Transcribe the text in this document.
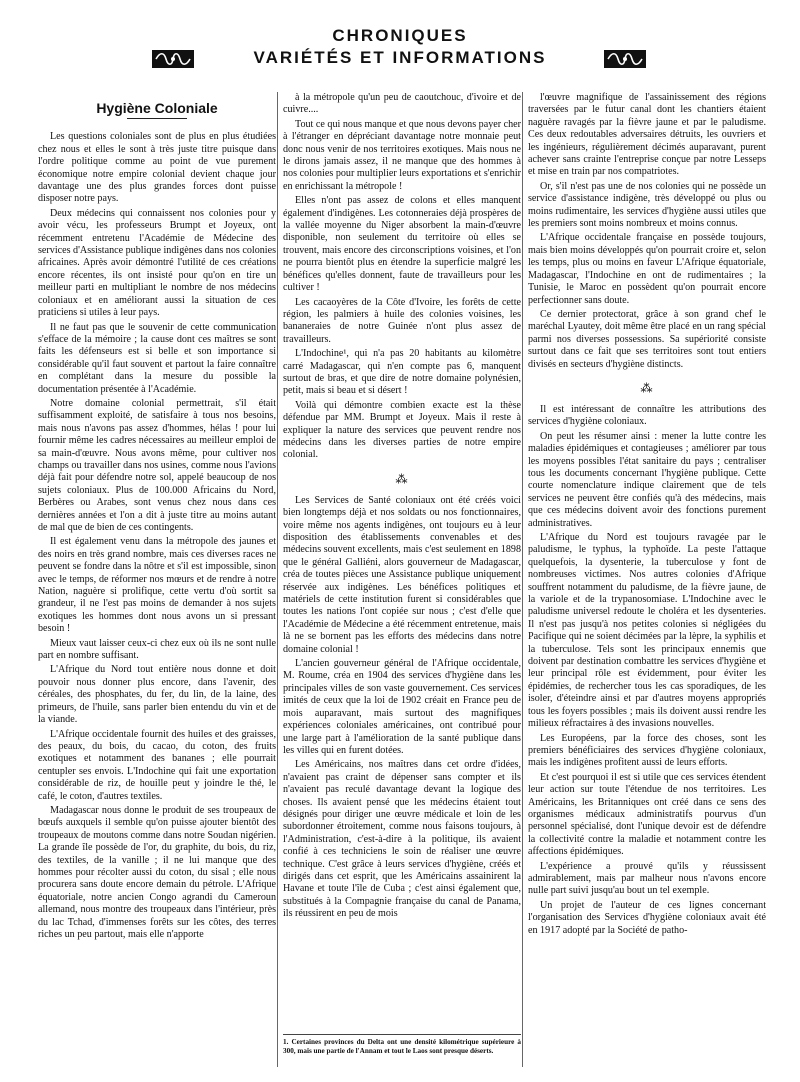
CHRONIQUES
VARIÉTÉS ET INFORMATIONS
Hygiène Coloniale

Les questions coloniales sont de plus en plus étudiées chez nous et elles le sont à très juste titre puisque dans l'ordre politique comme au point de vue purement économique notre empire colonial devient chaque jour davantage une des plus grandes forces dont puisse disposer notre pays.

Deux médecins qui connaissent nos colonies pour y avoir vécu, les professeurs Brumpt et Joyeux, ont récemment entretenu l'Académie de Médecine des services d'Assistance publique indigènes dans nos colonies africaines. Après avoir démontré l'utilité de ces créations encore récentes, ils ont insisté pour qu'on en tire un meilleur parti en multipliant le nombre de nos médecins coloniaux et en améliorant aussi la situation de ces praticiens si utiles à leur pays.

Il ne faut pas que le souvenir de cette communication s'efface de la mémoire ; la cause dont ces maîtres se sont faits les défenseurs est si belle et son importance si considérable qu'il faut souvent et partout la faire connaître en complétant dans la mesure du possible la documentation présentée à l'Académie.

Notre domaine colonial permettrait, s'il était suffisamment exploité, de satisfaire à tous nos besoins, mais nous n'avons pas assez d'hommes, hélas ! pour lui fournir même les cadres nécessaires au meilleur emploi de sa main-d'œuvre. Nous avons même, pour cultiver nos champs ou travailler dans nos usines, comme nous l'avions déjà fait pour défendre notre sol, appelé beaucoup de nos sujets coloniaux. Plus de 100.000 Africains du Nord, Berbères ou Arabes, sont venus chez nous dans ces dernières années et l'on a dit à juste titre au moins autant de mal que de bien de ces contingents.

Il est également venu dans la métropole des jaunes et des noirs en très grand nombre, mais ces diverses races ne peuvent se fondre dans la nôtre et s'il est impossible, sinon avec le temps, de réformer nos mœurs et de rendre à notre Nation, naguère si prolifique, cette vertu d'où sortit sa grandeur, il ne l'est pas moins de demander à nos sujets exotiques les hommes dont nous avons un si pressant besoin !

Mieux vaut laisser ceux-ci chez eux où ils ne sont nulle part en nombre suffisant.

L'Afrique du Nord tout entière nous donne et doit pouvoir nous donner plus encore, dans l'avenir, des céréales, des phosphates, du fer, du lin, de la laine, des primeurs, de l'huile, sans parler bien entendu du vin et de la viande.

L'Afrique occidentale fournit des huiles et des graisses, des peaux, du bois, du cacao, du coton, des fruits exotiques et notamment des bananes ; elle pourrait centupler ses envois. L'Indochine qui fait une exportation considérable de riz, de houille peut y joindre le thé, le café, le coton, d'autres textiles.

Madagascar nous donne le produit de ses troupeaux de bœufs auxquels il semble qu'on puisse ajouter bientôt des troupeaux de moutons comme dans notre Soudan nigérien. La grande île possède de l'or, du graphite, du bois, du riz, des textiles, de la vanille ; il ne lui manque que des hommes pour récolter aussi du coton, du sisal ; elle nous procurera sans doute encore demain du pétrole. L'Afrique équatoriale, notre ancien Congo agrandi du Cameroun allemand, nous montre des troupeaux dans l'intérieur, près du lac Tchad, d'immenses forêts sur les côtes, des terres riches un peu partout, mais elle n'apporte

à la métropole qu'un peu de caoutchouc, d'ivoire et de cuivre....

Tout ce qui nous manque et que nous devons payer cher à l'étranger en dépréciant davantage notre monnaie peut donc nous venir de nos territoires exotiques. Mais nous ne le dirons jamais assez, il ne manque que des hommes à nos colonies pour multiplier leurs exportations et s'enrichir en enrichissant la métropole !

Elles n'ont pas assez de colons et elles manquent également d'indigènes. Les cotonneraies déjà prospères de la vallée moyenne du Niger absorbent la main-d'œuvre disponible, non seulement du territoire où elles se trouvent, mais encore des circonscriptions voisines, et l'on ne pourra bientôt plus en étendre la superficie malgré les bénéfices qu'elles donnent, faute de travailleurs pour les cultiver !

Les cacaoyères de la Côte d'Ivoire, les forêts de cette région, les palmiers à huile des colonies voisines, les bananeraies de notre Guinée n'ont plus assez de travailleurs.

L'Indochine¹, qui n'a pas 20 habitants au kilomètre carré Madagascar, qui n'en compte pas 6, manquent surtout de bras, et que dire de notre domaine polynésien, petit, mais si beau et si désert !

Voilà qui démontre combien exacte est la thèse défendue par MM. Brumpt et Joyeux. Mais il reste à expliquer la nature des services que peuvent rendre nos médecins dans les diverses parties de notre empire colonial.

⁂

Les Services de Santé coloniaux ont été créés voici bien longtemps déjà et nos soldats ou nos fonctionnaires, voire même nos agents indigènes, ont toujours eu à leur disposition des établissements convenables et des médecins souvent excellents, mais c'est seulement en 1898 que le général Galliéni, alors gouverneur de Madagascar, créa de toutes pièces une Assistance publique uniquement réservée aux indigènes. Les bénéfices politiques et matériels de cette institution furent si considérables que toutes les nations l'ont copiée sur nous ; c'est d'elle que l'Académie de Médecine a été récemment entretenue, mais là ne se bornent pas les efforts des médecins dans notre domaine colonial !

L'ancien gouverneur général de l'Afrique occidentale, M. Roume, créa en 1904 des services d'hygiène dans les principales villes de son vaste gouvernement. Ces services imités de ceux que la loi de 1902 créait en France peu de mois auparavant, mais surtout des magnifiques expériences coloniales américaines, ont contribué pour une large part à l'amélioration de la santé publique dans les villes qui en furent dotées.

Les Américains, nos maîtres dans cet ordre d'idées, n'avaient pas craint de dépenser sans compter et ils n'avaient pas reculé davantage devant la logique des choses. Ils avaient pensé que les médecins étaient tout désignés pour diriger une œuvre médicale et loin de les subordonner étroitement, comme nous faisons toujours, à l'Administration, c'est-à-dire à la politique, ils avaient confié à ces techniciens le soin de réaliser une œuvre technique. C'est grâce à leurs services d'hygiène, créés et dirigés dans cet esprit, que les Américains assainirent la Havane et toute l'île de Cuba ; c'est ainsi également que, substitués à la Compagnie française du canal de Panama, ils réussirent en peu de mois

1. Certaines provinces du Delta ont une densité kilométrique supérieure à 300, mais une partie de l'Annam et tout le Laos sont presque déserts.

l'œuvre magnifique de l'assainissement des régions traversées par le futur canal dont les chantiers étaient naguère ravagés par la fièvre jaune et par le paludisme. Ces deux redoutables adversaires détruits, les ouvriers et les ingénieurs, régulièrement décimés auparavant, purent achever sans crainte l'entreprise conçue par notre Lesseps et mise en train par nos compatriotes.

Or, s'il n'est pas une de nos colonies qui ne possède un service d'assistance indigène, très développé ou plus ou moins rudimentaire, les services d'hygiène aussi utiles que les premiers sont moins nombreux et moins connus.

L'Afrique occidentale française en possède toujours, mais bien moins développés qu'on pourrait croire et, selon les temps, plus ou moins en faveur L'Afrique équatoriale, Madagascar, l'Indochine en ont de rudimentaires ; la Tunisie, le Maroc en possèdent qu'on pourrait encore perfectionner sans doute.

Ce dernier protectorat, grâce à son grand chef le maréchal Lyautey, doit même être placé en un rang spécial parmi nos diverses possessions. Sa supériorité consiste surtout dans ce fait que ses territoires sont tout entiers divisés en secteurs d'hygiène distincts.

⁂

Il est intéressant de connaître les attributions des services d'hygiène coloniaux.

On peut les résumer ainsi : mener la lutte contre les maladies épidémiques et contagieuses ; améliorer par tous les moyens possibles l'état sanitaire du pays ; centraliser tous les documents concernant l'hygiène publique. Cette courte nomenclature indique clairement que de tels services ne peuvent être confiés qu'à des médecins, mais que ces médecins doivent avoir des fonctions purement administratives.

L'Afrique du Nord est toujours ravagée par le paludisme, le typhus, la typhoïde. La peste l'attaque quelquefois, la dysenterie, la tuberculose y font de nombreuses victimes. Nos autres colonies d'Afrique souffrent notamment du paludisme, de la fièvre jaune, de la variole et de la trypanosomiase. L'Indochine avec le paludisme universel redoute le choléra et les dysenteries. Il n'est pas jusqu'à nos petites colonies si négligées du Pacifique qui ne soient décimées par la lèpre, la syphilis et la tuberculose. Tels sont les principaux ennemis que doivent par destination combattre les services d'hygiène et leur principal rôle est évidemment, pour éviter les épidémies, de rechercher tous les cas sporadiques, de les isoler, d'éteindre ainsi et par d'autres moyens appropriés tous les foyers possibles ; mais ils doivent aussi rendre les milieux réfractaires à des invasions nouvelles.

Les Européens, par la force des choses, sont les premiers bénéficiaires des services d'hygiène coloniaux, mais les indigènes profitent aussi de leurs efforts.

Et c'est pourquoi il est si utile que ces services étendent leur action sur toute l'étendue de nos territoires. Les Américains, les Britanniques ont créé dans ce sens des organismes médicaux administratifs pourvus d'un personnel spécialisé, dont l'unique devoir est de défendre la collectivité contre la maladie et notamment contre les affections épidémiques.

L'expérience a prouvé qu'ils y réussissent admirablement, mais par malheur nous n'avons encore nulle part suivi jusqu'au bout un tel exemple.

Un projet de l'auteur de ces lignes concernant l'organisation des Services d'hygiène coloniaux avait été en 1917 adopté par la Société de patho-
